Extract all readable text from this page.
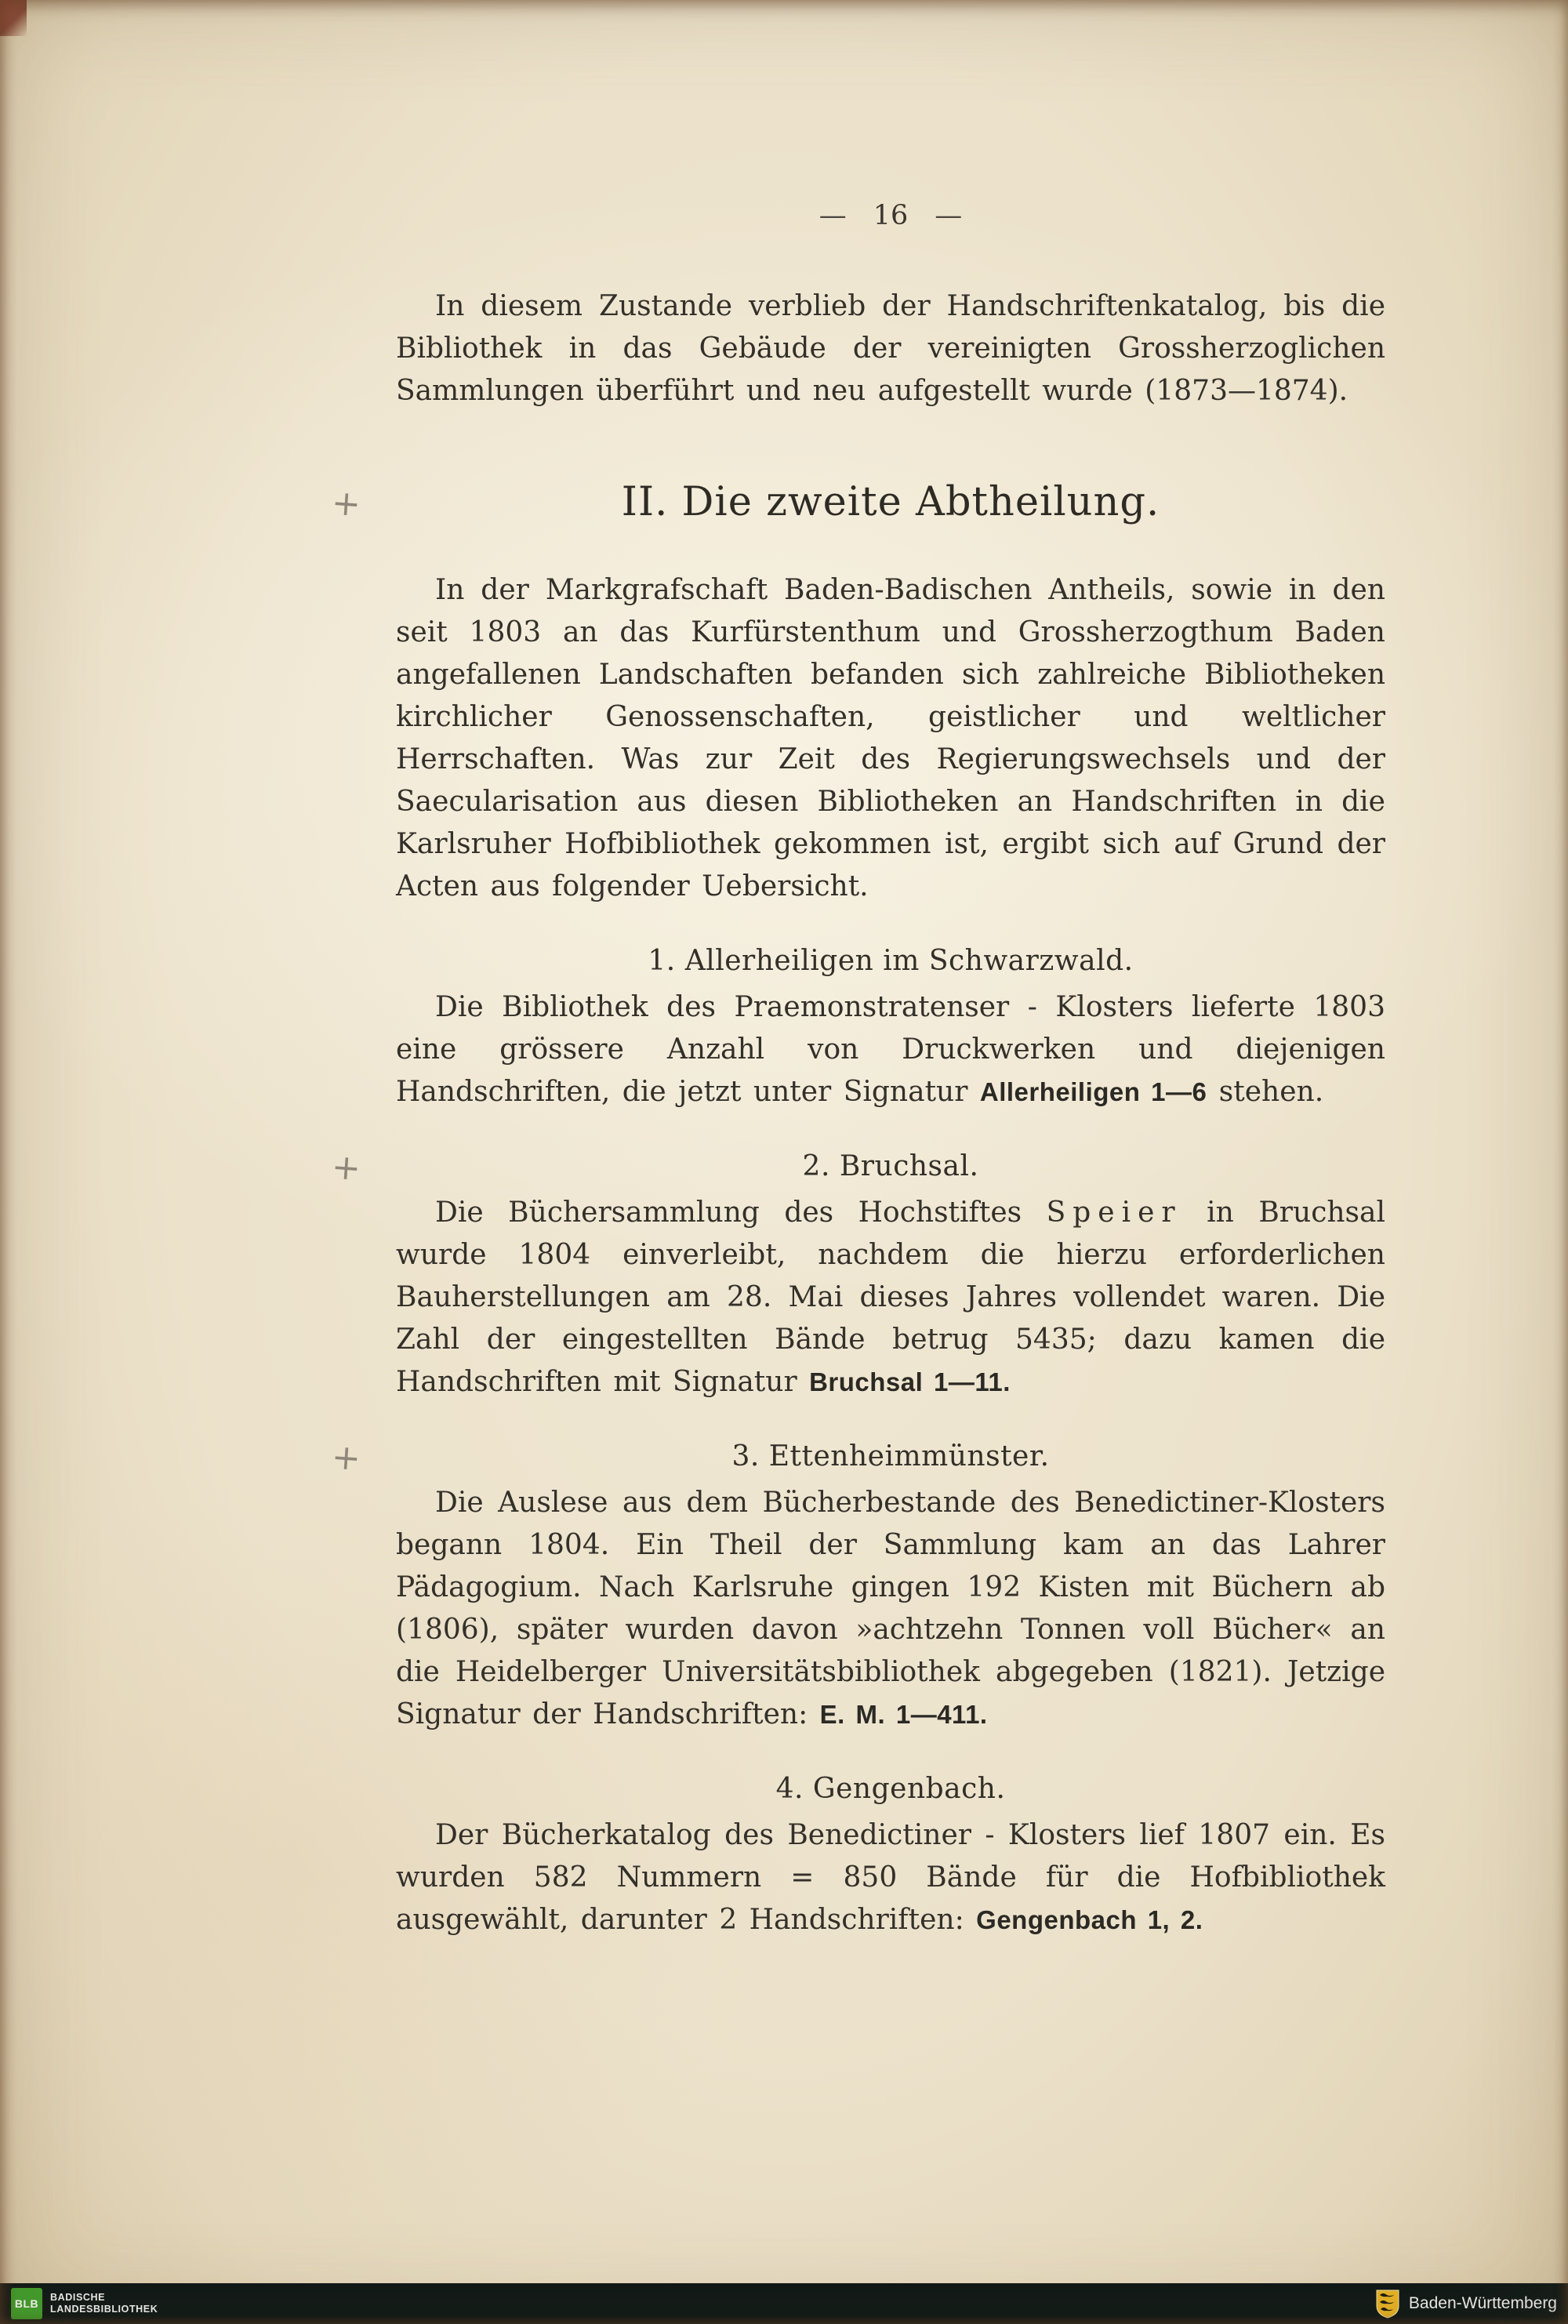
— 16 —

In diesem Zustande verblieb der Handschriftenkatalog, bis die Bibliothek in das Gebäude der vereinigten Grossherzoglichen Sammlungen überführt und neu aufgestellt wurde (1873—1874).

+	II. Die zweite Abtheilung.

In der Markgrafschaft Baden-Badischen Antheils, sowie in den seit 1803 an das Kurfürstenthum und Grossherzogthum Baden angefallenen Landschaften befanden sich zahlreiche Bibliotheken kirchlicher Genossenschaften, geistlicher und weltlicher Herrschaften. Was zur Zeit des Regierungswechsels und der Saecularisation aus diesen Bibliotheken an Handschriften in die Karlsruher Hofbibliothek gekommen ist, ergibt sich auf Grund der Acten aus folgender Uebersicht.

1. Allerheiligen im Schwarzwald.

Die Bibliothek des Praemonstratenser - Klosters lieferte 1803 eine grössere Anzahl von Druckwerken und diejenigen Handschriften, die jetzt unter Signatur Allerheiligen 1—6 stehen.

+	2. Bruchsal.

Die Büchersammlung des Hochstiftes Speier in Bruchsal wurde 1804 einverleibt, nachdem die hierzu erforderlichen Bauherstellungen am 28. Mai dieses Jahres vollendet waren. Die Zahl der eingestellten Bände betrug 5435; dazu kamen die Handschriften mit Signatur Bruchsal 1—11.

+	3. Ettenheimmünster.

Die Auslese aus dem Bücherbestande des Benedictiner-Klosters begann 1804. Ein Theil der Sammlung kam an das Lahrer Pädagogium. Nach Karlsruhe gingen 192 Kisten mit Büchern ab (1806), später wurden davon »achtzehn Tonnen voll Bücher« an die Heidelberger Universitätsbibliothek abgegeben (1821). Jetzige Signatur der Handschriften: E. M. 1—411.

4. Gengenbach.

Der Bücherkatalog des Benedictiner - Klosters lief 1807 ein. Es wurden 582 Nummern = 850 Bände für die Hofbibliothek ausgewählt, darunter 2 Handschriften: Gengenbach 1, 2.

BLB	BADISCHE
LANDESBIBLIOTHEK	Baden-Württemberg
